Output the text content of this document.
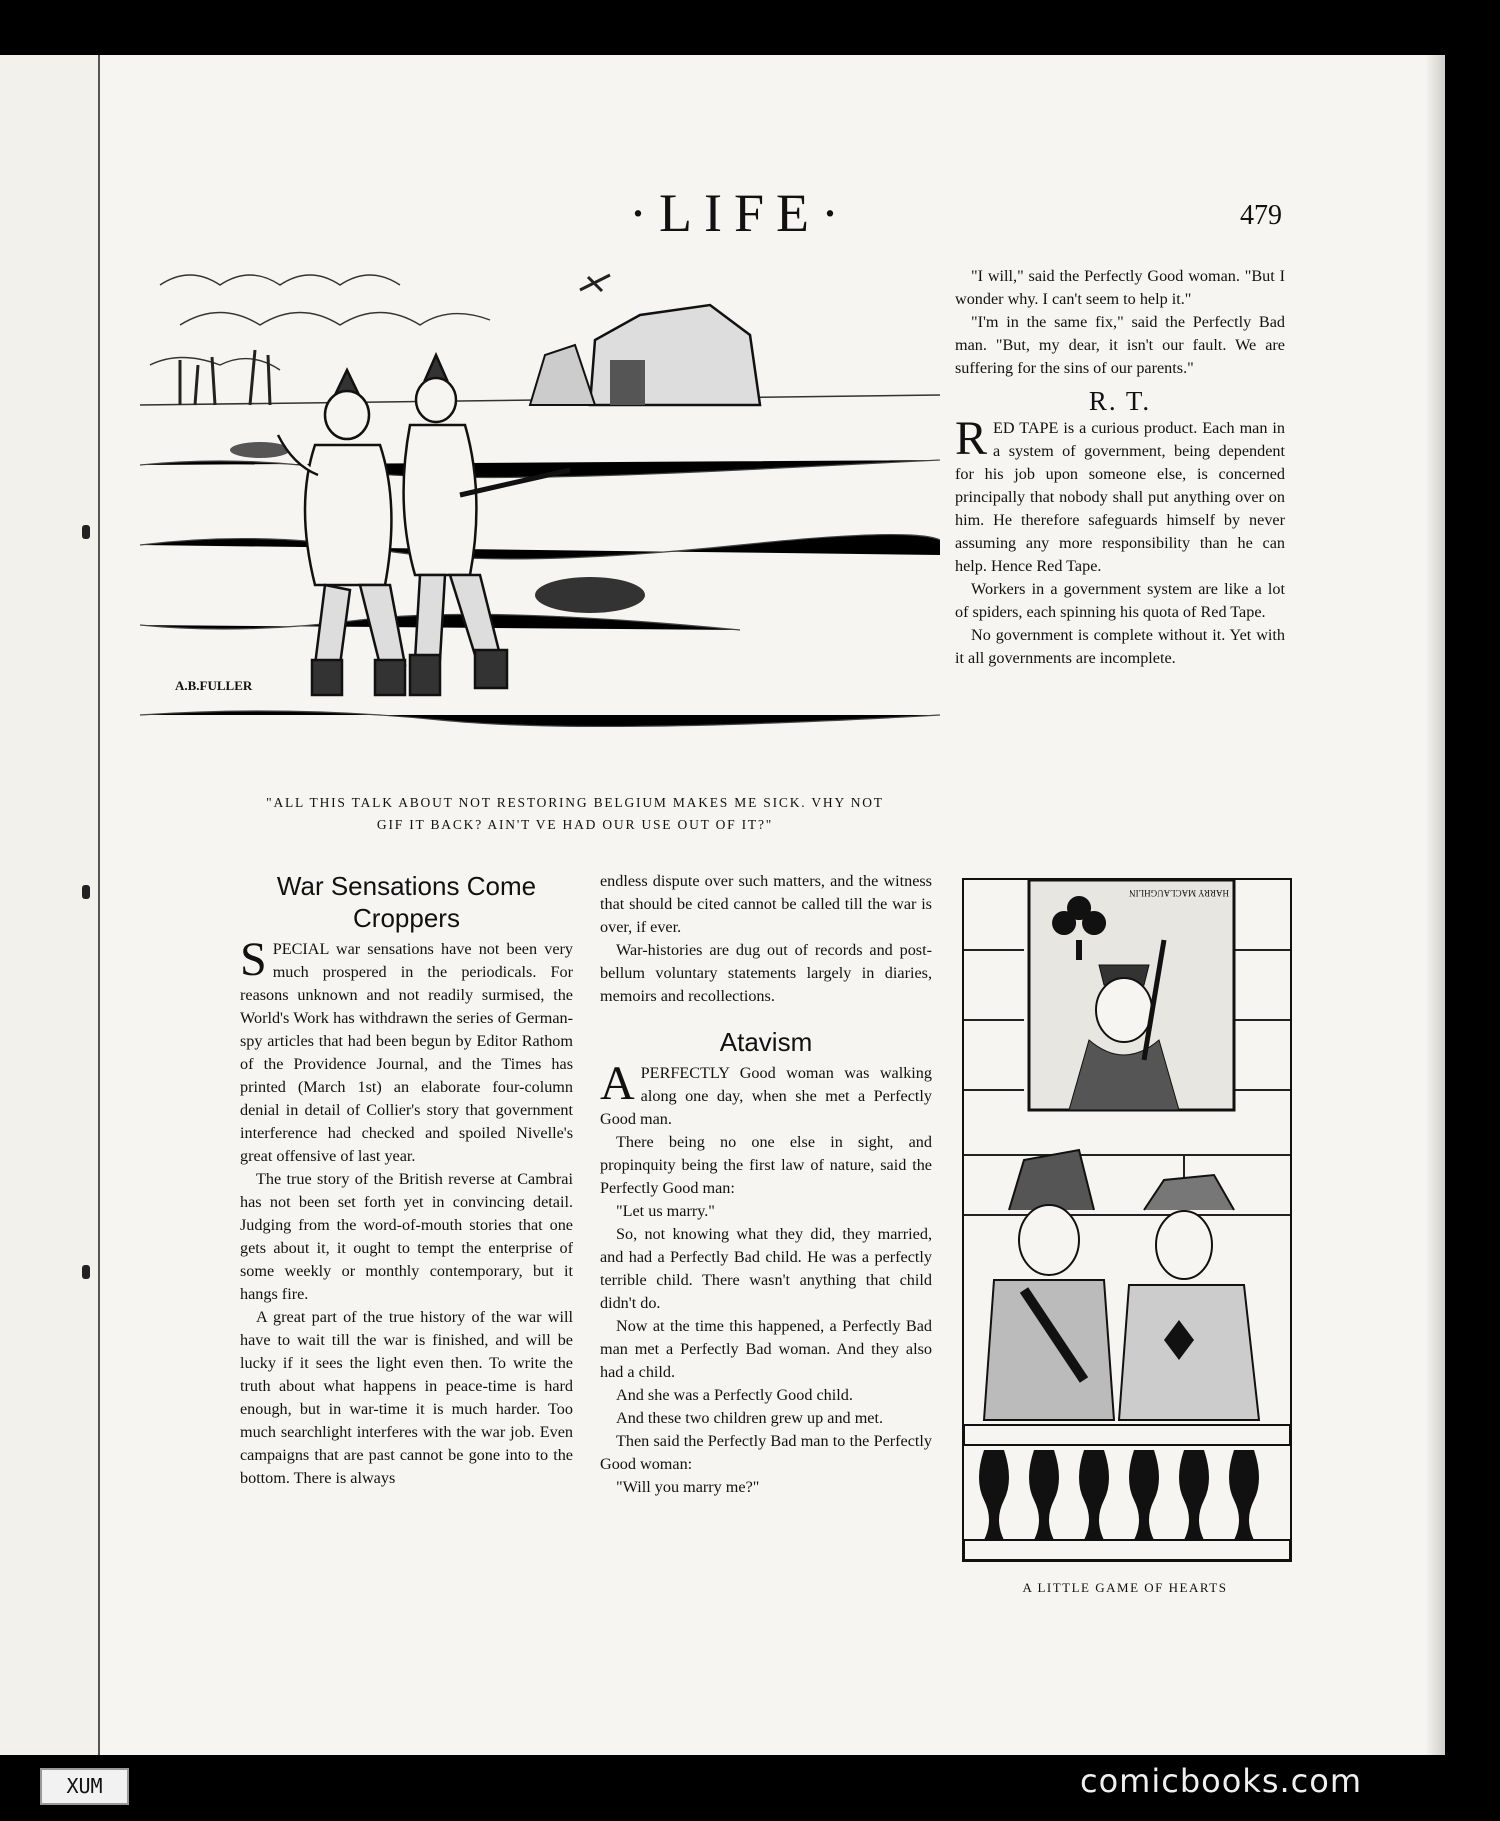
·LIFE·	479
A.B.FULLER
"ALL THIS TALK ABOUT NOT RESTORING BELGIUM MAKES ME SICK. VHY NOT
GIF IT BACK? AIN'T VE HAD OUR USE OUT OF IT?"
War Sensations Come
Croppers

SPECIAL war sensations have not been very much prospered in the periodicals. For reasons unknown and not readily surmised, the World's Work has withdrawn the series of German-spy articles that had been begun by Editor Rathom of the Providence Journal, and the Times has printed (March 1st) an elaborate four-column denial in detail of Collier's story that government interference had checked and spoiled Nivelle's great offensive of last year.

The true story of the British reverse at Cambrai has not been set forth yet in convincing detail. Judging from the word-of-mouth stories that one gets about it, it ought to tempt the enterprise of some weekly or monthly contemporary, but it hangs fire.

A great part of the true history of the war will have to wait till the war is finished, and will be lucky if it sees the light even then. To write the truth about what happens in peace-time is hard enough, but in war-time it is much harder. Too much searchlight interferes with the war job. Even campaigns that are past cannot be gone into to the bottom. There is always

endless dispute over such matters, and the witness that should be cited cannot be called till the war is over, if ever.

War-histories are dug out of records and post-bellum voluntary statements largely in diaries, memoirs and recollections.

Atavism

APERFECTLY Good woman was walking along one day, when she met a Perfectly Good man.

There being no one else in sight, and propinquity being the first law of nature, said the Perfectly Good man:

"Let us marry."

So, not knowing what they did, they married, and had a Perfectly Bad child. He was a perfectly terrible child. There wasn't anything that child didn't do.

Now at the time this happened, a Perfectly Bad man met a Perfectly Bad woman. And they also had a child.

And she was a Perfectly Good child.

And these two children grew up and met.

Then said the Perfectly Bad man to the Perfectly Good woman:

"Will you marry me?"

"I will," said the Perfectly Good woman. "But I wonder why. I can't seem to help it."

"I'm in the same fix," said the Perfectly Bad man. "But, my dear, it isn't our fault. We are suffering for the sins of our parents."

R. T.

RED TAPE is a curious product. Each man in a system of government, being dependent for his job upon someone else, is concerned principally that nobody shall put anything over on him. He therefore safeguards himself by never assuming any more responsibility than he can help. Hence Red Tape.

Workers in a government system are like a lot of spiders, each spinning his quota of Red Tape.

No government is complete without it. Yet with it all governments are incomplete.

HARRY MACLAUGHLIN
A LITTLE GAME OF HEARTS
XUM	comicbooks.com
